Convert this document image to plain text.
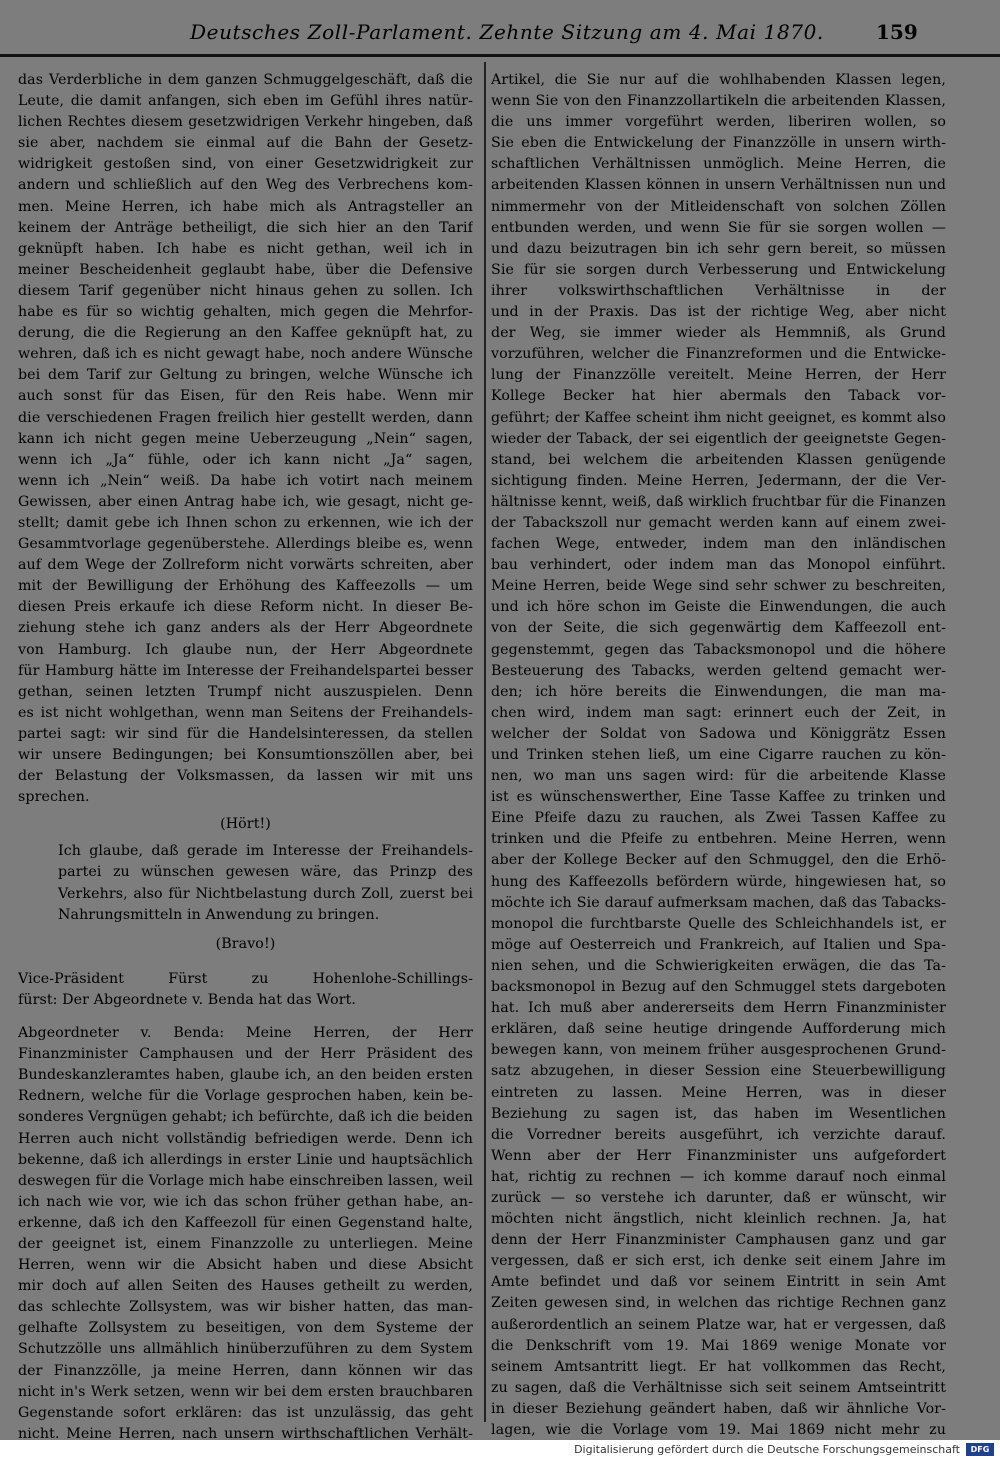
Deutsches Zoll-Parlament. Zehnte Sitzung am 4. Mai 1870.	159
das Verderbliche in dem ganzen Schmuggelgeschäft, daß die
Leute, die damit anfangen, sich eben im Gefühl ihres natür-
lichen Rechtes diesem gesetzwidrigen Verkehr hingeben, daß
sie aber, nachdem sie einmal auf die Bahn der Gesetz-
widrigkeit gestoßen sind, von einer Gesetzwidrigkeit zur
andern und schließlich auf den Weg des Verbrechens kom-
men. Meine Herren, ich habe mich als Antragsteller an
keinem der Anträge betheiligt, die sich hier an den Tarif
geknüpft haben. Ich habe es nicht gethan, weil ich in
meiner Bescheidenheit geglaubt habe, über die Defensive
diesem Tarif gegenüber nicht hinaus gehen zu sollen. Ich
habe es für so wichtig gehalten, mich gegen die Mehrfor-
derung, die die Regierung an den Kaffee geknüpft hat, zu
wehren, daß ich es nicht gewagt habe, noch andere Wünsche
bei dem Tarif zur Geltung zu bringen, welche Wünsche ich
auch sonst für das Eisen, für den Reis habe. Wenn mir
die verschiedenen Fragen freilich hier gestellt werden, dann
kann ich nicht gegen meine Ueberzeugung „Nein“ sagen,
wenn ich „Ja“ fühle, oder ich kann nicht „Ja“ sagen,
wenn ich „Nein“ weiß. Da habe ich votirt nach meinem
Gewissen, aber einen Antrag habe ich, wie gesagt, nicht ge-
stellt; damit gebe ich Ihnen schon zu erkennen, wie ich der
Gesammtvorlage gegenüberstehe. Allerdings bleibe es, wenn
auf dem Wege der Zollreform nicht vorwärts schreiten, aber
mit der Bewilligung der Erhöhung des Kaffeezolls — um
diesen Preis erkaufe ich diese Reform nicht. In dieser Be-
ziehung stehe ich ganz anders als der Herr Abgeordnete
von Hamburg. Ich glaube nun, der Herr Abgeordnete
für Hamburg hätte im Interesse der Freihandelspartei besser
gethan, seinen letzten Trumpf nicht auszuspielen. Denn
es ist nicht wohlgethan, wenn man Seitens der Freihandels-
partei sagt: wir sind für die Handelsinteressen, da stellen
wir unsere Bedingungen; bei Konsumtionszöllen aber, bei
der Belastung der Volksmassen, da lassen wir mit uns
sprechen.
(Hört!)
Ich glaube, daß gerade im Interesse der Freihandels-
partei zu wünschen gewesen wäre, das Prinzp des
Verkehrs, also für Nichtbelastung durch Zoll, zuerst bei
Nahrungsmitteln in Anwendung zu bringen.
(Bravo!)
Vice-Präsident Fürst zu Hohenlohe-Schillings-
fürst: Der Abgeordnete v. Benda hat das Wort.
Abgeordneter v. Benda: Meine Herren, der Herr
Finanzminister Camphausen und der Herr Präsident des
Bundeskanzleramtes haben, glaube ich, an den beiden ersten
Rednern, welche für die Vorlage gesprochen haben, kein be-
sonderes Vergnügen gehabt; ich befürchte, daß ich die beiden
Herren auch nicht vollständig befriedigen werde. Denn ich
bekenne, daß ich allerdings in erster Linie und hauptsächlich
deswegen für die Vorlage mich habe einschreiben lassen, weil
ich nach wie vor, wie ich das schon früher gethan habe, an-
erkenne, daß ich den Kaffeezoll für einen Gegenstand halte,
der geeignet ist, einem Finanzzolle zu unterliegen. Meine
Herren, wenn wir die Absicht haben und diese Absicht
mir doch auf allen Seiten des Hauses getheilt zu werden,
das schlechte Zollsystem, was wir bisher hatten, das man-
gelhafte Zollsystem zu beseitigen, von dem Systeme der
Schutzzölle uns allmählich hinüberzuführen zu dem System
der Finanzzölle, ja meine Herren, dann können wir das
nicht in's Werk setzen, wenn wir bei dem ersten brauchbaren
Gegenstande sofort erklären: das ist unzulässig, das geht
nicht. Meine Herren, nach unsern wirthschaftlichen Verhält-
Artikel, die Sie nur auf die wohlhabenden Klassen legen,
wenn Sie von den Finanzzollartikeln die arbeitenden Klassen,
die uns immer vorgeführt werden, liberiren wollen, so
Sie eben die Entwickelung der Finanzzölle in unsern wirth-
schaftlichen Verhältnissen unmöglich. Meine Herren, die
arbeitenden Klassen können in unsern Verhältnissen nun und
nimmermehr von der Mitleidenschaft von solchen Zöllen
entbunden werden, und wenn Sie für sie sorgen wollen —
und dazu beizutragen bin ich sehr gern bereit, so müssen
Sie für sie sorgen durch Verbesserung und Entwickelung
ihrer volkswirthschaftlichen Verhältnisse in der
und in der Praxis. Das ist der richtige Weg, aber nicht
der Weg, sie immer wieder als Hemmniß, als Grund
vorzuführen, welcher die Finanzreformen und die Entwicke-
lung der Finanzzölle vereitelt. Meine Herren, der Herr
Kollege Becker hat hier abermals den Taback vor-
geführt; der Kaffee scheint ihm nicht geeignet, es kommt also
wieder der Taback, der sei eigentlich der geeignetste Gegen-
stand, bei welchem die arbeitenden Klassen genügende
sichtigung finden. Meine Herren, Jedermann, der die Ver-
hältnisse kennt, weiß, daß wirklich fruchtbar für die Finanzen
der Tabackszoll nur gemacht werden kann auf einem zwei-
fachen Wege, entweder, indem man den inländischen
bau verhindert, oder indem man das Monopol einführt.
Meine Herren, beide Wege sind sehr schwer zu beschreiten,
und ich höre schon im Geiste die Einwendungen, die auch
von der Seite, die sich gegenwärtig dem Kaffeezoll ent-
gegenstemmt, gegen das Tabacksmonopol und die höhere
Besteuerung des Tabacks, werden geltend gemacht wer-
den; ich höre bereits die Einwendungen, die man ma-
chen wird, indem man sagt: erinnert euch der Zeit, in
welcher der Soldat von Sadowa und Königgrätz Essen
und Trinken stehen ließ, um eine Cigarre rauchen zu kön-
nen, wo man uns sagen wird: für die arbeitende Klasse
ist es wünschenswerther, Eine Tasse Kaffee zu trinken und
Eine Pfeife dazu zu rauchen, als Zwei Tassen Kaffee zu
trinken und die Pfeife zu entbehren. Meine Herren, wenn
aber der Kollege Becker auf den Schmuggel, den die Erhö-
hung des Kaffeezolls befördern würde, hingewiesen hat, so
möchte ich Sie darauf aufmerksam machen, daß das Tabacks-
monopol die furchtbarste Quelle des Schleichhandels ist, er
möge auf Oesterreich und Frankreich, auf Italien und Spa-
nien sehen, und die Schwierigkeiten erwägen, die das Ta-
backsmonopol in Bezug auf den Schmuggel stets dargeboten
hat. Ich muß aber andererseits dem Herrn Finanzminister
erklären, daß seine heutige dringende Aufforderung mich
bewegen kann, von meinem früher ausgesprochenen Grund-
satz abzugehen, in dieser Session eine Steuerbewilligung
eintreten zu lassen. Meine Herren, was in dieser
Beziehung zu sagen ist, das haben im Wesentlichen
die Vorredner bereits ausgeführt, ich verzichte darauf.
Wenn aber der Herr Finanzminister uns aufgefordert
hat, richtig zu rechnen — ich komme darauf noch einmal
zurück — so verstehe ich darunter, daß er wünscht, wir
möchten nicht ängstlich, nicht kleinlich rechnen. Ja, hat
denn der Herr Finanzminister Camphausen ganz und gar
vergessen, daß er sich erst, ich denke seit einem Jahre im
Amte befindet und daß vor seinem Eintritt in sein Amt
Zeiten gewesen sind, in welchen das richtige Rechnen ganz
außerordentlich an seinem Platze war, hat er vergessen, daß
die Denkschrift vom 19. Mai 1869 wenige Monate vor
seinem Amtsantritt liegt. Er hat vollkommen das Recht,
zu sagen, daß die Verhältnisse sich seit seinem Amtseintritt
in dieser Beziehung geändert haben, daß wir ähnliche Vor-
lagen, wie die Vorlage vom 19. Mai 1869 nicht mehr zu
Digitalisierung gefördert durch die Deutsche Forschungsgemeinschaft	DFG
